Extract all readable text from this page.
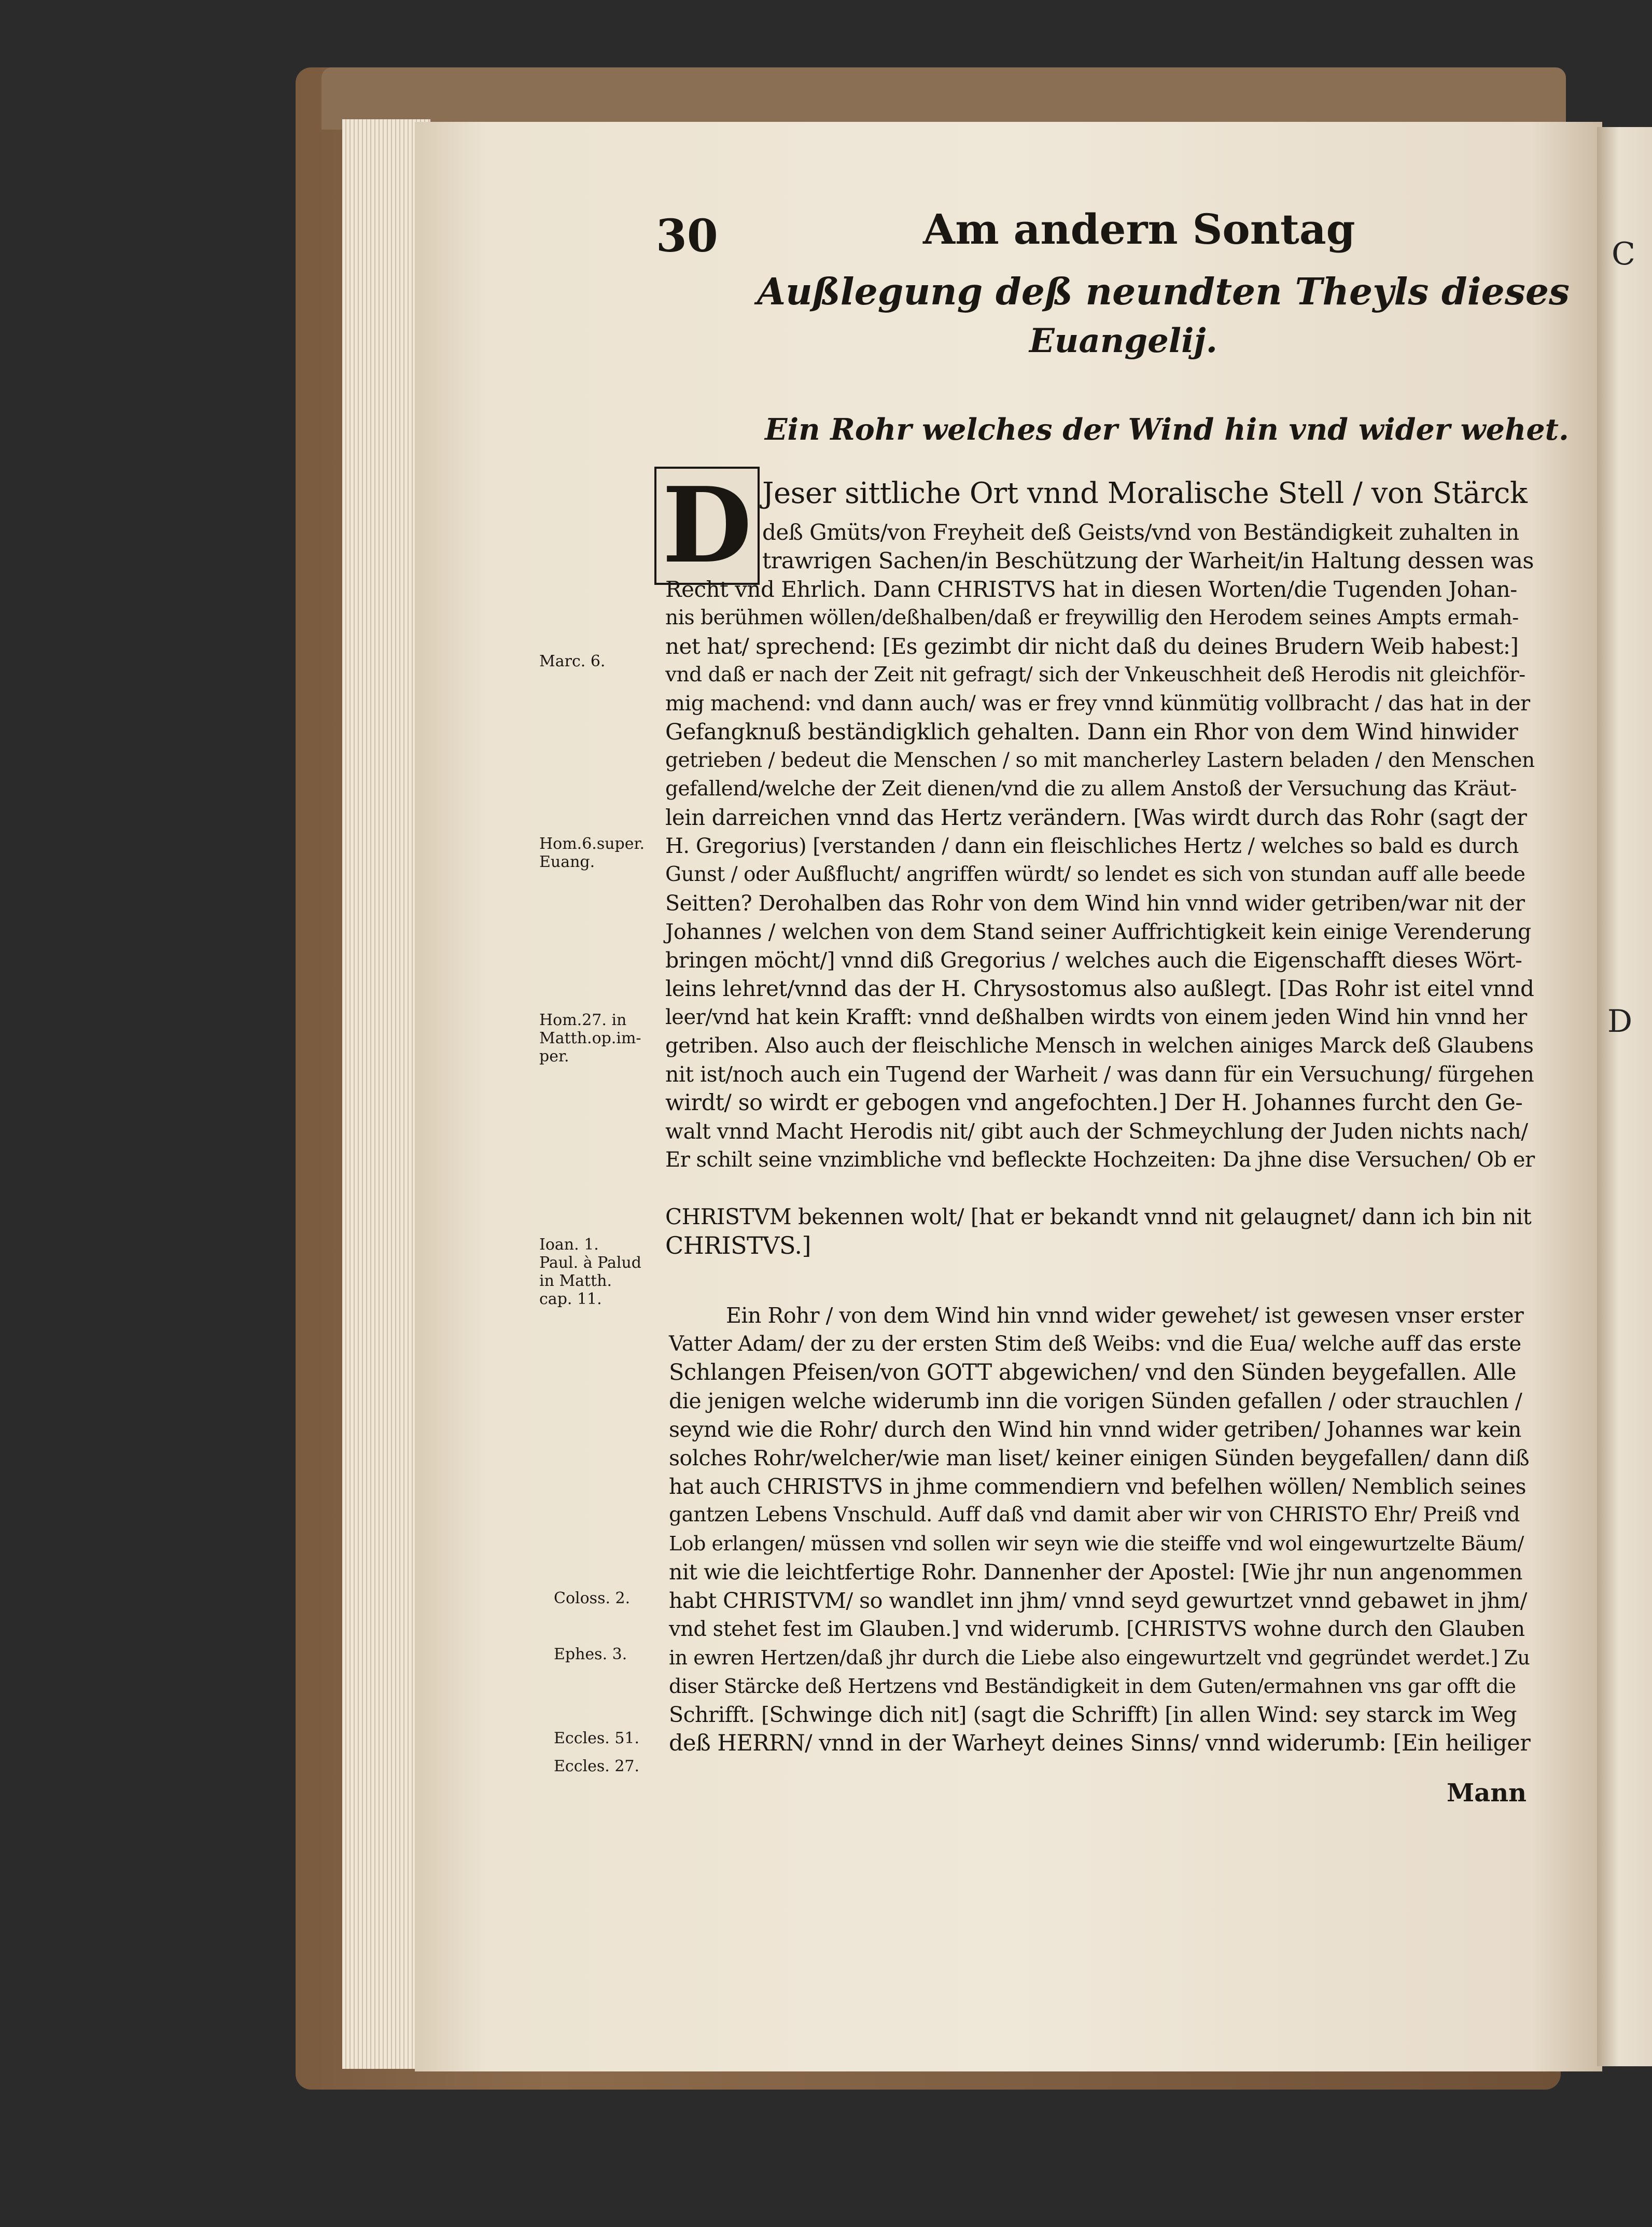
C
D
30	Am andern Sontag
Außlegung deß neundten Theyls dieses
Euangelij.
Ein Rohr welches der Wind hin vnd wider wehet.
D
Marc. 6.
Hom.6.super.
Euang.
Hom.27. in
Matth.op.im-
per.
Ioan. 1.
Paul. à Palud
in Matth.
cap. 11.
Coloss. 2.
Ephes. 3.
Eccles. 51.
Eccles. 27.
Jeser sittliche Ort vnnd Moralische Stell / von Stärck
deß Gmüts/von Freyheit deß Geists/vnd von Beständigkeit zuhalten in
trawrigen Sachen/in Beschützung der Warheit/in Haltung dessen was
Recht vnd Ehrlich. Dann CHRISTVS hat in diesen Worten/die Tugenden Johan-
nis berühmen wöllen/deßhalben/daß er freywillig den Herodem seines Ampts ermah-
net hat/ sprechend: [Es gezimbt dir nicht daß du deines Brudern Weib habest:]
vnd daß er nach der Zeit nit gefragt/ sich der Vnkeuschheit deß Herodis nit gleichför-
mig machend: vnd dann auch/ was er frey vnnd künmütig vollbracht / das hat in der
Gefangknuß beständigklich gehalten. Dann ein Rhor von dem Wind hinwider
getrieben / bedeut die Menschen / so mit mancherley Lastern beladen / den Menschen
gefallend/welche der Zeit dienen/vnd die zu allem Anstoß der Versuchung das Kräut-
lein darreichen vnnd das Hertz verändern. [Was wirdt durch das Rohr (sagt der
H. Gregorius) [verstanden / dann ein fleischliches Hertz / welches so bald es durch
Gunst / oder Außflucht/ angriffen würdt/ so lendet es sich von stundan auff alle beede
Seitten? Derohalben das Rohr von dem Wind hin vnnd wider getriben/war nit der
Johannes / welchen von dem Stand seiner Auffrichtigkeit kein einige Verenderung
bringen möcht/] vnnd diß Gregorius / welches auch die Eigenschafft dieses Wört-
leins lehret/vnnd das der H. Chrysostomus also außlegt. [Das Rohr ist eitel vnnd
leer/vnd hat kein Krafft: vnnd deßhalben wirdts von einem jeden Wind hin vnnd her
getriben. Also auch der fleischliche Mensch in welchen ainiges Marck deß Glaubens
nit ist/noch auch ein Tugend der Warheit / was dann für ein Versuchung/ fürgehen
wirdt/ so wirdt er gebogen vnd angefochten.] Der H. Johannes furcht den Ge-
walt vnnd Macht Herodis nit/ gibt auch der Schmeychlung der Juden nichts nach/
Er schilt seine vnzimbliche vnd befleckte Hochzeiten: Da jhne dise Versuchen/ Ob er
CHRISTVM bekennen wolt/ [hat er bekandt vnnd nit gelaugnet/ dann ich bin nit
CHRISTVS.]
Ein Rohr / von dem Wind hin vnnd wider gewehet/ ist gewesen vnser erster
Vatter Adam/ der zu der ersten Stim deß Weibs: vnd die Eua/ welche auff das erste
Schlangen Pfeisen/von GOTT abgewichen/ vnd den Sünden beygefallen. Alle
die jenigen welche widerumb inn die vorigen Sünden gefallen / oder strauchlen /
seynd wie die Rohr/ durch den Wind hin vnnd wider getriben/ Johannes war kein
solches Rohr/welcher/wie man liset/ keiner einigen Sünden beygefallen/ dann diß
hat auch CHRISTVS in jhme commendiern vnd befelhen wöllen/ Nemblich seines
gantzen Lebens Vnschuld. Auff daß vnd damit aber wir von CHRISTO Ehr/ Preiß vnd
Lob erlangen/ müssen vnd sollen wir seyn wie die steiffe vnd wol eingewurtzelte Bäum/
nit wie die leichtfertige Rohr. Dannenher der Apostel: [Wie jhr nun angenommen
habt CHRISTVM/ so wandlet inn jhm/ vnnd seyd gewurtzet vnnd gebawet in jhm/
vnd stehet fest im Glauben.] vnd widerumb. [CHRISTVS wohne durch den Glauben
in ewren Hertzen/daß jhr durch die Liebe also eingewurtzelt vnd gegründet werdet.] Zu
diser Stärcke deß Hertzens vnd Beständigkeit in dem Guten/ermahnen vns gar offt die
Schrifft. [Schwinge dich nit] (sagt die Schrifft) [in allen Wind: sey starck im Weg
deß HERRN/ vnnd in der Warheyt deines Sinns/ vnnd widerumb: [Ein heiliger
Mann
